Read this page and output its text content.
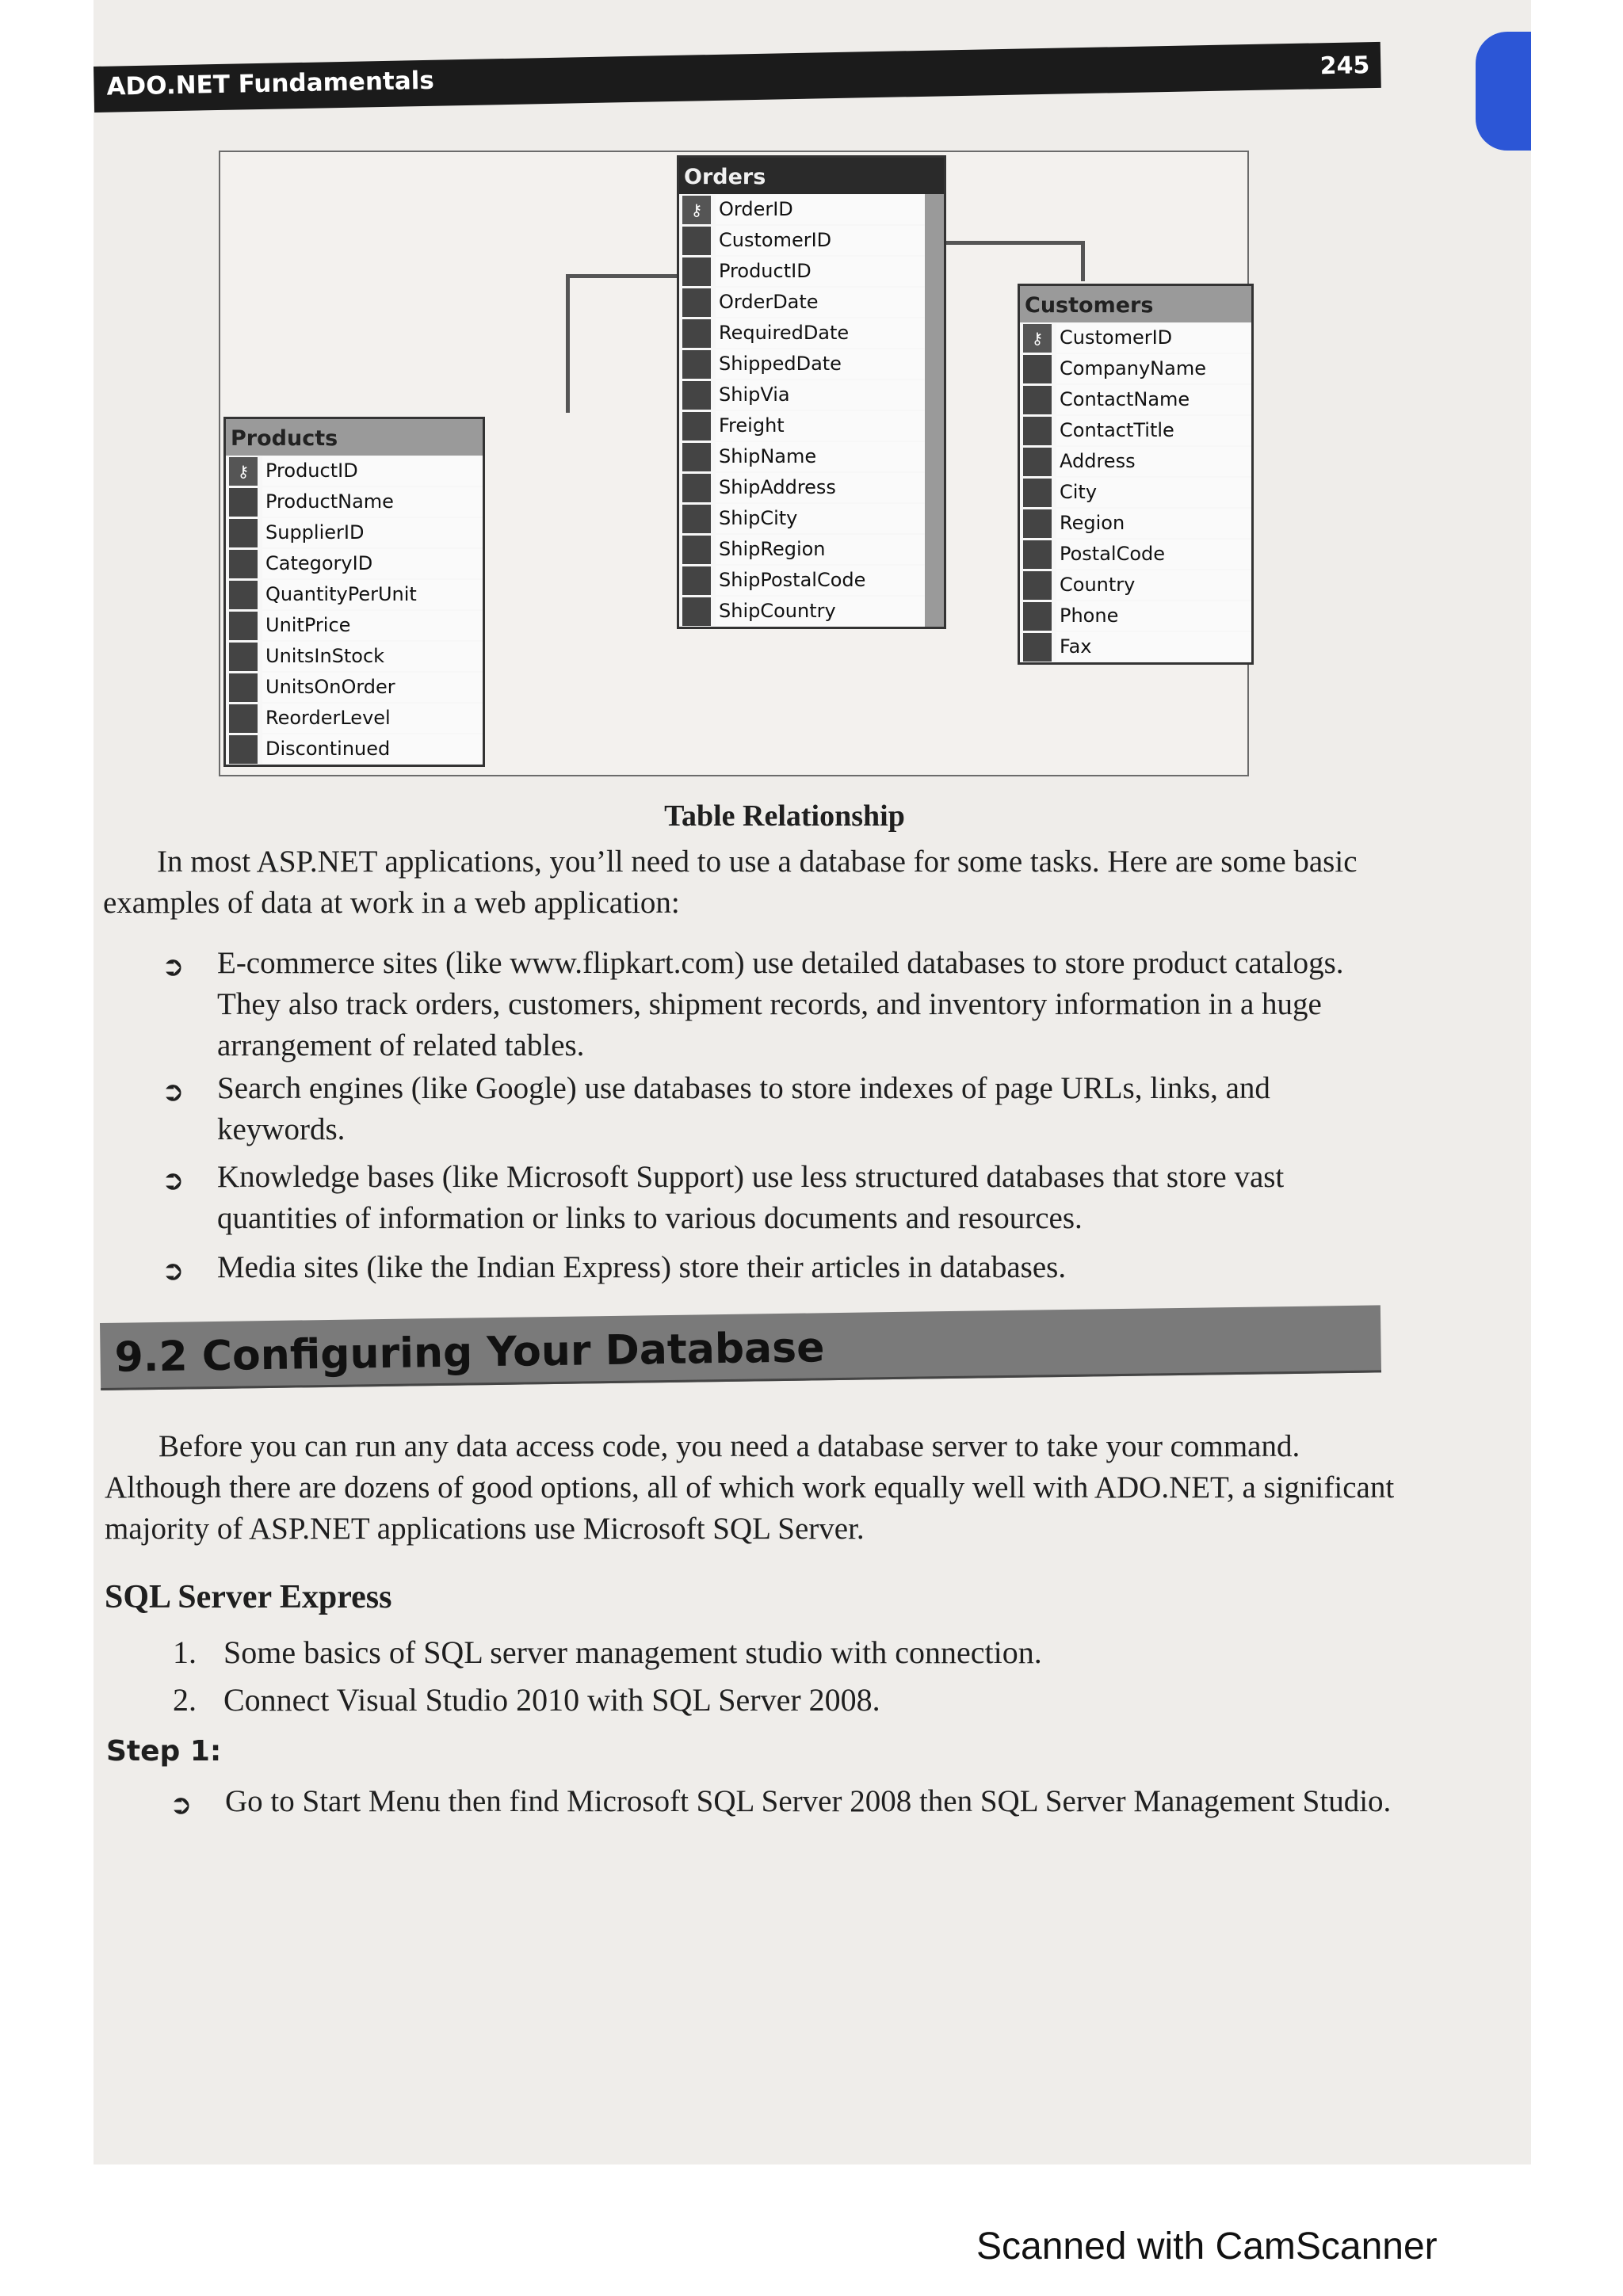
ADO.NET Fundamentals
245
Orders
⚷ OrderID
CustomerID
ProductID
OrderDate
RequiredDate
ShippedDate
ShipVia
Freight
ShipName
ShipAddress
ShipCity
ShipRegion
ShipPostalCode
ShipCountry
Customers
⚷ CustomerID
CompanyName
ContactName
ContactTitle
Address
City
Region
PostalCode
Country
Phone
Fax
Products
⚷ ProductID
ProductName
SupplierID
CategoryID
QuantityPerUnit
UnitPrice
UnitsInStock
UnitsOnOrder
ReorderLevel
Discontinued
Table Relationship
In most ASP.NET applications, you’ll need to use a database for some tasks. Here are some basic examples of data at work in a web application:
➲ E-commerce sites (like www.flipkart.com) use detailed databases to store product catalogs. They also track orders, customers, shipment records, and inventory information in a huge arrangement of related tables.
➲ Search engines (like Google) use databases to store indexes of page URLs, links, and keywords.
➲ Knowledge bases (like Microsoft Support) use less structured databases that store vast quantities of information or links to various documents and resources.
➲ Media sites (like the Indian Express) store their articles in databases.
9.2 Configuring Your Database
Before you can run any data access code, you need a database server to take your command. Although there are dozens of good options, all of which work equally well with ADO.NET, a significant majority of ASP.NET applications use Microsoft SQL Server.
SQL Server Express
1. Some basics of SQL server management studio with connection.
2. Connect Visual Studio 2010 with SQL Server 2008.
Step 1:
➲ Go to Start Menu then find Microsoft SQL Server 2008 then SQL Server Management Studio.
Scanned with CamScanner
